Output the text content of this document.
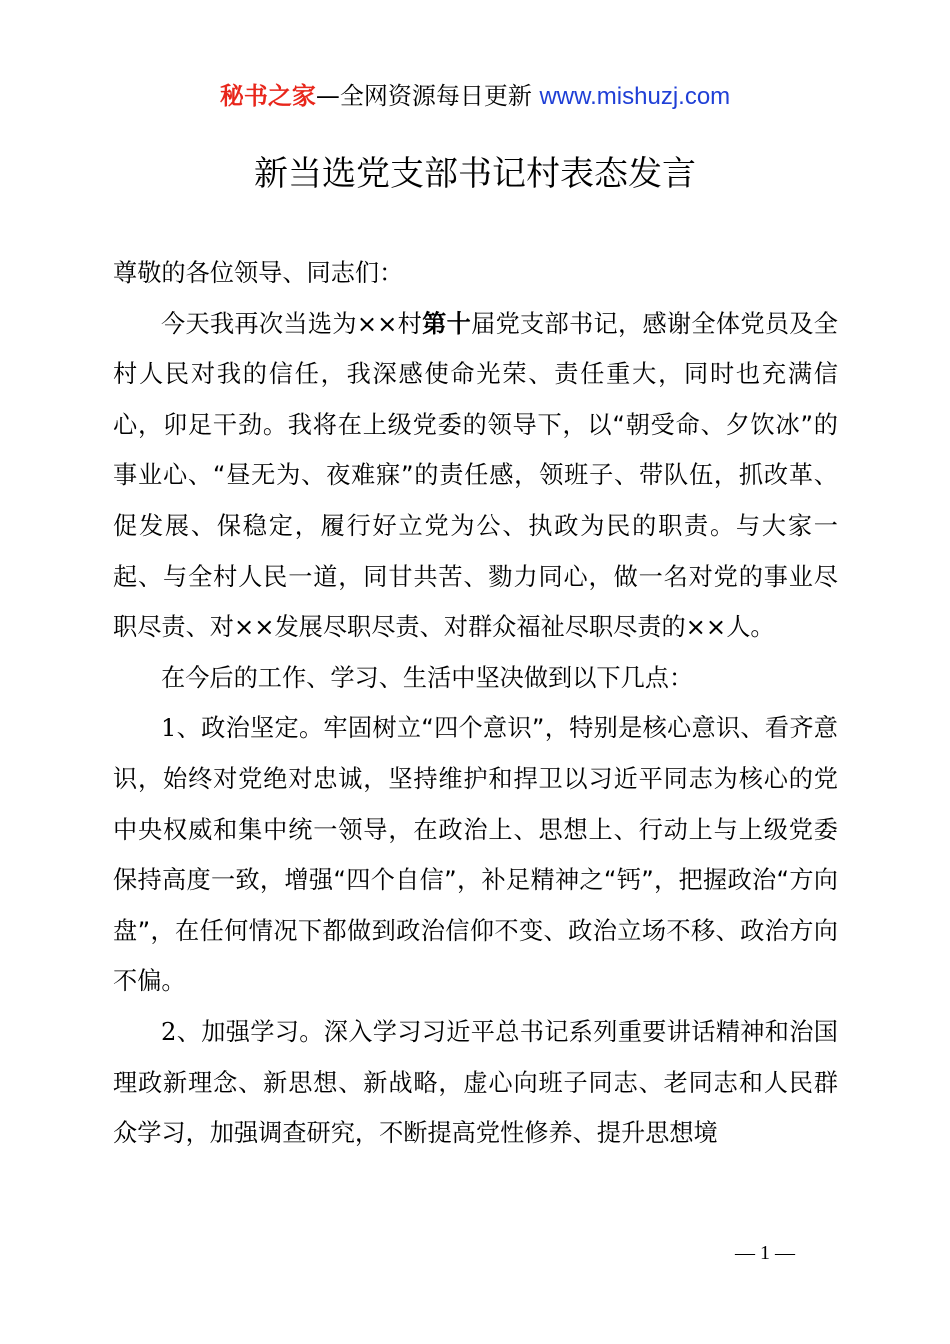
秘书之家—全网资源每日更新 www.mishuzj.com
新当选党支部书记村表态发言

尊敬的各位领导、同志们：

今天我再次当选为××村第十届党支部书记，感谢全体党员及全村人民对我的信任，我深感使命光荣、责任重大，同时也充满信心，卯足干劲。我将在上级党委的领导下，以“朝受命、夕饮冰”的事业心、“昼无为、夜难寐”的责任感，领班子、带队伍，抓改革、促发展、保稳定，履行好立党为公、执政为民的职责。与大家一起、与全村人民一道，同甘共苦、勠力同心，做一名对党的事业尽职尽责、对××发展尽职尽责、对群众福祉尽职尽责的××人。

在今后的工作、学习、生活中坚决做到以下几点：

1、政治坚定。牢固树立“四个意识”，特别是核心意识、看齐意识，始终对党绝对忠诚，坚持维护和捍卫以习近平同志为核心的党中央权威和集中统一领导，在政治上、思想上、行动上与上级党委保持高度一致，增强“四个自信”，补足精神之“钙”，把握政治“方向盘”，在任何情况下都做到政治信仰不变、政治立场不移、政治方向不偏。

2、加强学习。深入学习习近平总书记系列重要讲话精神和治国理政新理念、新思想、新战略，虚心向班子同志、老同志和人民群众学习，加强调查研究，不断提高党性修养、提升思想境

— 1 —
